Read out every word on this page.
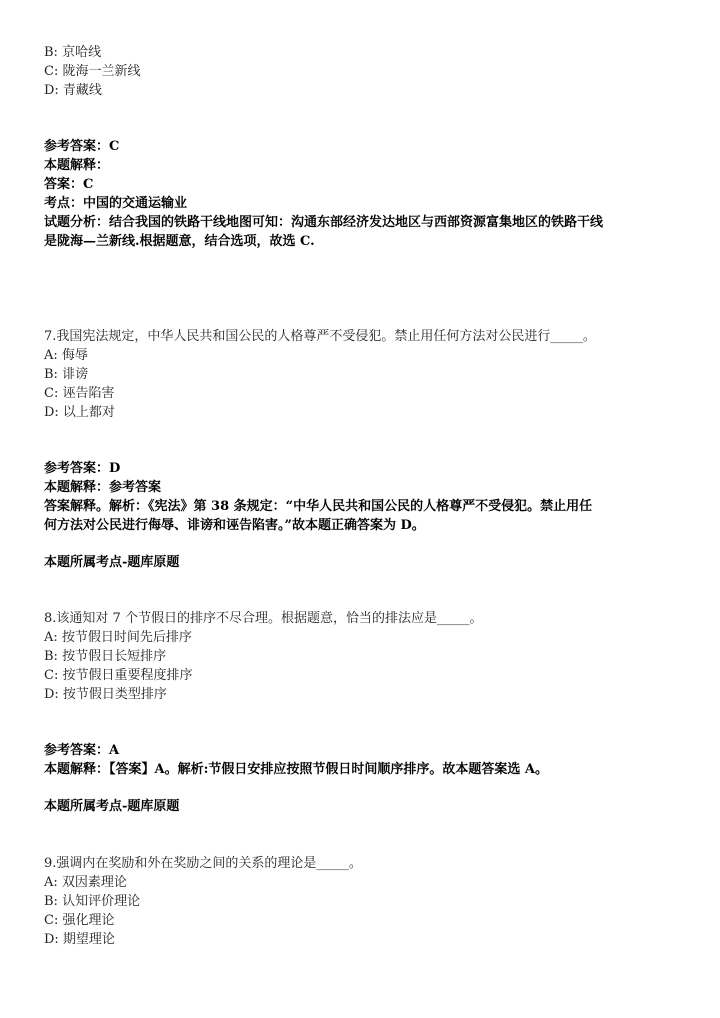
B: 京哈线
C: 陇海一兰新线
D: 青藏线
参考答案：C
本题解释：
答案：C
考点：中国的交通运输业
试题分析：结合我国的铁路干线地图可知：沟通东部经济发达地区与西部资源富集地区的铁路干线
是陇海—兰新线.根据题意，结合选项，故选 C.
7.我国宪法规定，中华人民共和国公民的人格尊严不受侵犯。禁止用任何方法对公民进行_____。
A: 侮辱
B: 诽谤
C: 诬告陷害
D: 以上都对
参考答案：D
本题解释：参考答案
答案解释。解析：《宪法》第 38 条规定：“中华人民共和国公民的人格尊严不受侵犯。禁止用任
何方法对公民进行侮辱、诽谤和诬告陷害。”故本题正确答案为 D。
本题所属考点-题库原题
8.该通知对 7 个节假日的排序不尽合理。根据题意，恰当的排法应是_____。
A: 按节假日时间先后排序
B: 按节假日长短排序
C: 按节假日重要程度排序
D: 按节假日类型排序
参考答案：A
本题解释：【答案】A。解析:节假日安排应按照节假日时间顺序排序。故本题答案选 A。
本题所属考点-题库原题
9.强调内在奖励和外在奖励之间的关系的理论是_____。
A: 双因素理论
B: 认知评价理论
C: 强化理论
D: 期望理论
